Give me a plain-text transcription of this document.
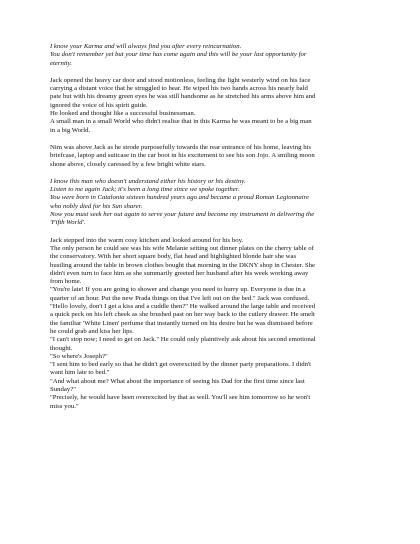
I know your Karma and will always find you after every reincarnation.
You don't remember yet but your time has come again and this will be your last opportunity for
eternity.

Jack opened the heavy car door and stood motionless, feeling the light westerly wind on his face
carrying a distant voice that he struggled to hear. He wiped his two hands across his nearly bald
pate but with his dreamy green eyes he was still handsome as he stretched his arms above him and
ignored the voice of his spirit guide.
He looked and thought like a successful businessman.
A small man in a small World who didn't realise that in this Karma he was meant to be a big man
in a big World.

Nim was above Jack as he strode purposefully towards the rear entrance of his home, leaving his
briefcase, laptop and suitcase in the car boot in his excitement to see his son Jojo. A smiling moon
shone above, closely caressed by a few bright white stars.

I know this man who doesn't understand either his history or his destiny.
Listen to me again Jack; it's been a long time since we spoke together.
You were born in Catalonia sixteen hundred years ago and became a proud Roman Legionnaire
who nobly died for his Sun sharer.
Now you must seek her out again to serve your future and become my instrument in delivering the
'Fifth World'.

Jack stepped into the warm cosy kitchen and looked around for his boy.
The only person he could see was his wife Melanie setting out dinner plates on the cherry table of
the conservatory. With her short square body, flat head and highlighted blonde hair she was
bustling around the table in brown clothes bought that morning in the DKNY shop in Chester. She
didn't even turn to face him as she summarily greeted her husband after his week working away
from home.
"You're late! If you are going to shower and change you need to hurry up. Everyone is due in a
quarter of an hour. Put the new Prada things on that I've left out on the bed." Jack was confused.
"Hello lovely, don't I get a kiss and a cuddle then?" He walked around the large table and received
a quick peck on his left cheek as she brushed past on her way back to the cutlery drawer. He smelt
the familiar 'White Linen' perfume that instantly turned on his desire but he was dismissed before
he could grab and kiss her lips.
"I can't stop now; I need to get on Jack." He could only plaintively ask about his second emotional
thought.
"So where's Joseph?"
"I sent him to bed early so that he didn't get overexcited by the dinner party preparations. I didn't
want him late to bed."
"And what about me? What about the importance of seeing his Dad for the first time since last
Sunday?"
"Precisely, he would have been overexcited by that as well. You'll see him tomorrow so he won't
miss you."
